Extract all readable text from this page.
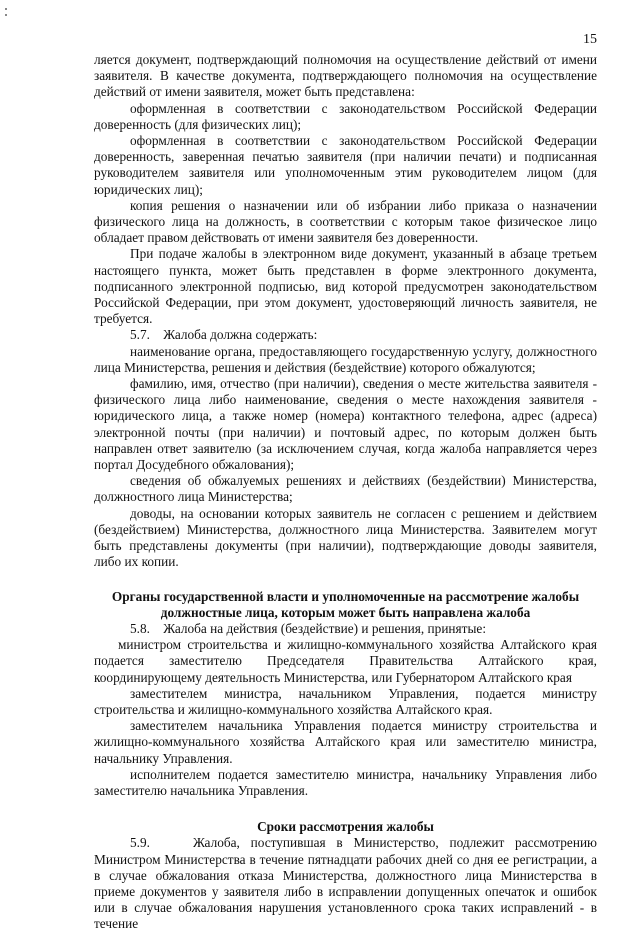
15

ляется документ, подтверждающий полномочия на осуществление действий от имени заявителя. В качестве документа, подтверждающего полномочия на осуществление действий от имени заявителя, может быть представлена:

оформленная в соответствии с законодательством Российской Федерации доверенность (для физических лиц);

оформленная в соответствии с законодательством Российской Федерации доверенность, заверенная печатью заявителя (при наличии печати) и подписанная руководителем заявителя или уполномоченным этим руководителем лицом (для юридических лиц);

копия решения о назначении или об избрании либо приказа о назначении физического лица на должность, в соответствии с которым такое физическое лицо обладает правом действовать от имени заявителя без доверенности.

При подаче жалобы в электронном виде документ, указанный в абзаце третьем настоящего пункта, может быть представлен в форме электронного документа, подписанного электронной подписью, вид которой предусмотрен законодательством Российской Федерации, при этом документ, удостоверяющий личность заявителя, не требуется.

5.7.    Жалоба должна содержать:

наименование органа, предоставляющего государственную услугу, должностного лица Министерства, решения и действия (бездействие) которого обжалуются;

фамилию, имя, отчество (при наличии), сведения о месте жительства заявителя - физического лица либо наименование, сведения о месте нахождения заявителя - юридического лица, а также номер (номера) контактного телефона, адрес (адреса) электронной почты (при наличии) и почтовый адрес, по которым должен быть направлен ответ заявителю (за исключением случая, когда жалоба направляется через портал Досудебного обжалования);

сведения об обжалуемых решениях и действиях (бездействии) Министерства, должностного лица Министерства;

доводы, на основании которых заявитель не согласен с решением и действием (бездействием) Министерства, должностного лица Министерства. Заявителем могут быть представлены документы (при наличии), подтверждающие доводы заявителя, либо их копии.

Органы государственной власти и уполномоченные на рассмотрение жалобы должностные лица, которым может быть направлена жалоба

5.8.    Жалоба на действия (бездействие) и решения, принятые:

министром строительства и жилищно-коммунального хозяйства Алтайского края подается заместителю Председателя Правительства Алтайского края, координирующему деятельность Министерства, или Губернатором Алтайского края

заместителем министра, начальником Управления, подается министру строительства и жилищно-коммунального хозяйства Алтайского края.

заместителем начальника Управления подается министру строительства и жилищно-коммунального хозяйства Алтайского края или заместителю министра, начальнику Управления.

исполнителем подается заместителю министра, начальнику Управления либо заместителю начальника Управления.

Сроки рассмотрения жалобы

5.9.    Жалоба, поступившая в Министерство, подлежит рассмотрению Министром Министерства в течение пятнадцати рабочих дней со дня ее регистрации, а в случае обжалования отказа Министерства, должностного лица Министерства в приеме документов у заявителя либо в исправлении допущенных опечаток и ошибок или в случае обжалования нарушения установленного срока таких исправлений - в течение
